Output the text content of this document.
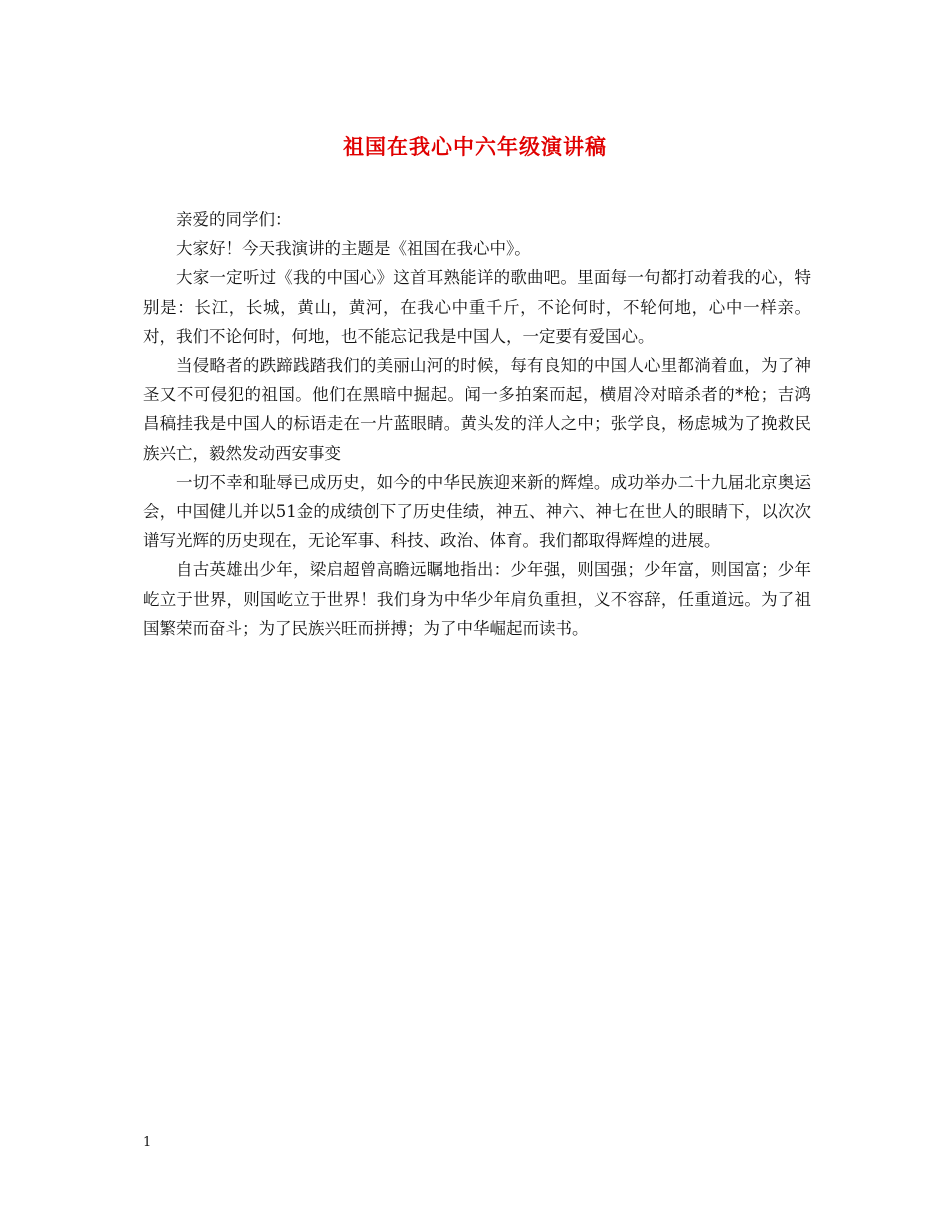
祖国在我心中六年级演讲稿

亲爱的同学们：

大家好！今天我演讲的主题是《祖国在我心中》。

大家一定听过《我的中国心》这首耳熟能详的歌曲吧。里面每一句都打动着我的心，特别是：长江，长城，黄山，黄河，在我心中重千斤，不论何时，不轮何地，心中一样亲。对，我们不论何时，何地，也不能忘记我是中国人，一定要有爱国心。

当侵略者的跌蹄践踏我们的美丽山河的时候，每有良知的中国人心里都淌着血，为了神圣又不可侵犯的祖国。他们在黑暗中掘起。闻一多拍案而起，横眉冷对暗杀者的*枪；吉鸿昌稿挂我是中国人的标语走在一片蓝眼睛。黄头发的洋人之中；张学良，杨虑城为了挽救民族兴亡，毅然发动西安事变

一切不幸和耻辱已成历史，如今的中华民族迎来新的辉煌。成功举办二十九届北京奥运会，中国健儿并以51金的成绩创下了历史佳绩，神五、神六、神七在世人的眼睛下，以次次谱写光辉的历史现在，无论军事、科技、政治、体育。我们都取得辉煌的进展。

自古英雄出少年，梁启超曾高瞻远瞩地指出：少年强，则国强；少年富，则国富；少年屹立于世界，则国屹立于世界！我们身为中华少年肩负重担，义不容辞，任重道远。为了祖国繁荣而奋斗；为了民族兴旺而拼搏；为了中华崛起而读书。

1
